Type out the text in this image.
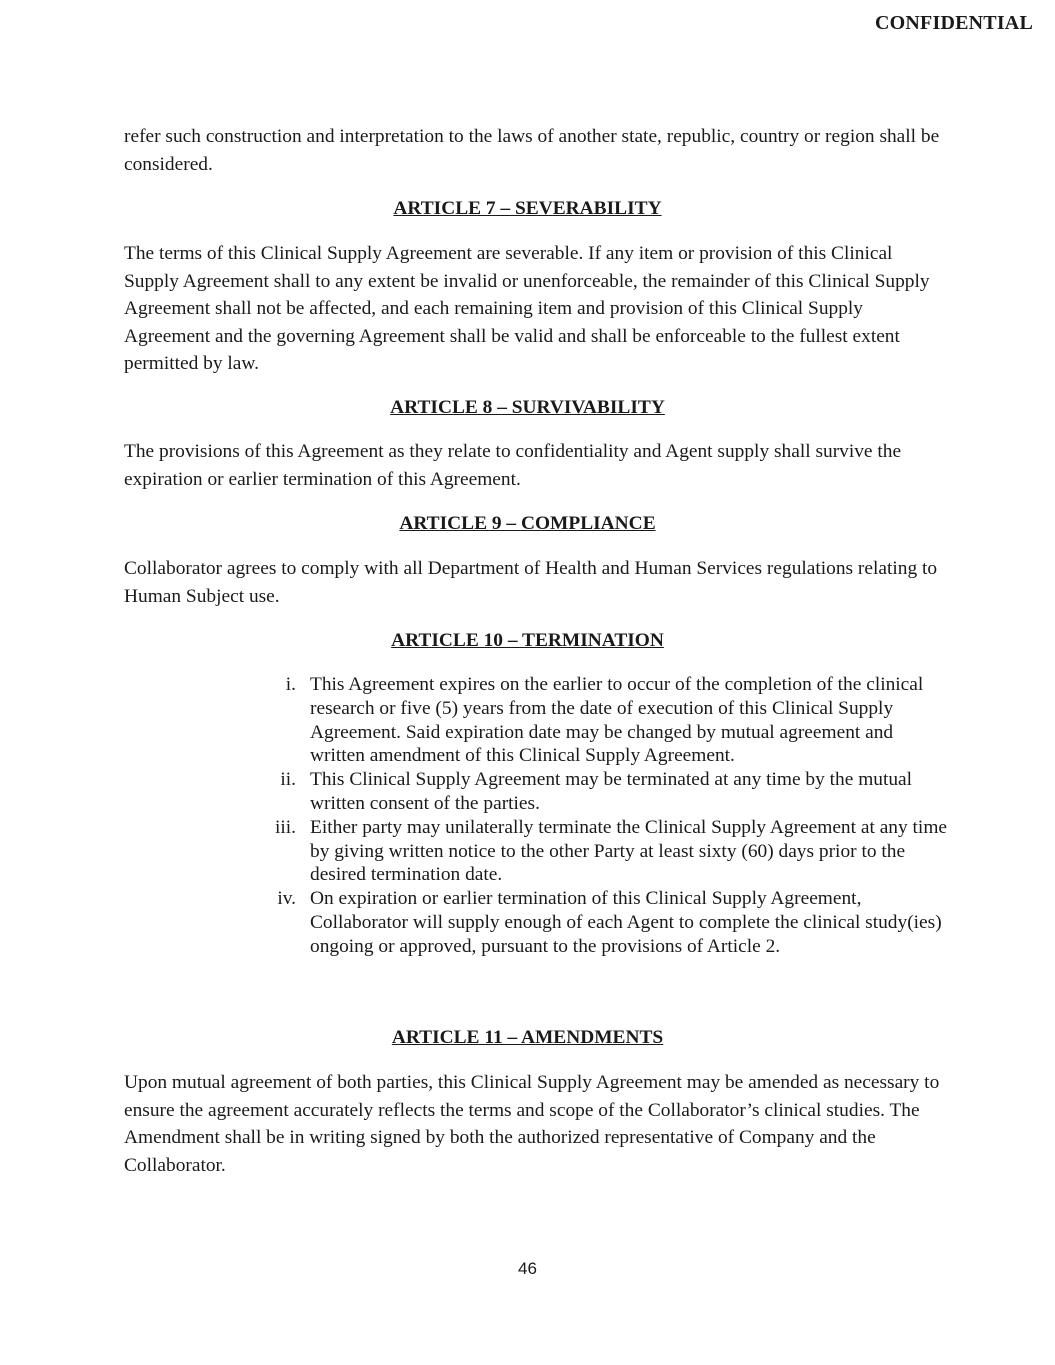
CONFIDENTIAL

refer such construction and interpretation to the laws of another state, republic, country or region shall be considered.

ARTICLE 7 – SEVERABILITY

The terms of this Clinical Supply Agreement are severable. If any item or provision of this Clinical Supply Agreement shall to any extent be invalid or unenforceable, the remainder of this Clinical Supply Agreement shall not be affected, and each remaining item and provision of this Clinical Supply Agreement and the governing Agreement shall be valid and shall be enforceable to the fullest extent permitted by law.

ARTICLE 8 – SURVIVABILITY

The provisions of this Agreement as they relate to confidentiality and Agent supply shall survive the expiration or earlier termination of this Agreement.

ARTICLE 9 – COMPLIANCE

Collaborator agrees to comply with all Department of Health and Human Services regulations relating to Human Subject use.

ARTICLE 10 – TERMINATION
i. This Agreement expires on the earlier to occur of the completion of the clinical research or five (5) years from the date of execution of this Clinical Supply Agreement. Said expiration date may be changed by mutual agreement and written amendment of this Clinical Supply Agreement.
ii. This Clinical Supply Agreement may be terminated at any time by the mutual written consent of the parties.
iii. Either party may unilaterally terminate the Clinical Supply Agreement at any time by giving written notice to the other Party at least sixty (60) days prior to the desired termination date.
iv. On expiration or earlier termination of this Clinical Supply Agreement, Collaborator will supply enough of each Agent to complete the clinical study(ies) ongoing or approved, pursuant to the provisions of Article 2.
ARTICLE 11 – AMENDMENTS

Upon mutual agreement of both parties, this Clinical Supply Agreement may be amended as necessary to ensure the agreement accurately reflects the terms and scope of the Collaborator’s clinical studies. The Amendment shall be in writing signed by both the authorized representative of Company and the Collaborator.

46
